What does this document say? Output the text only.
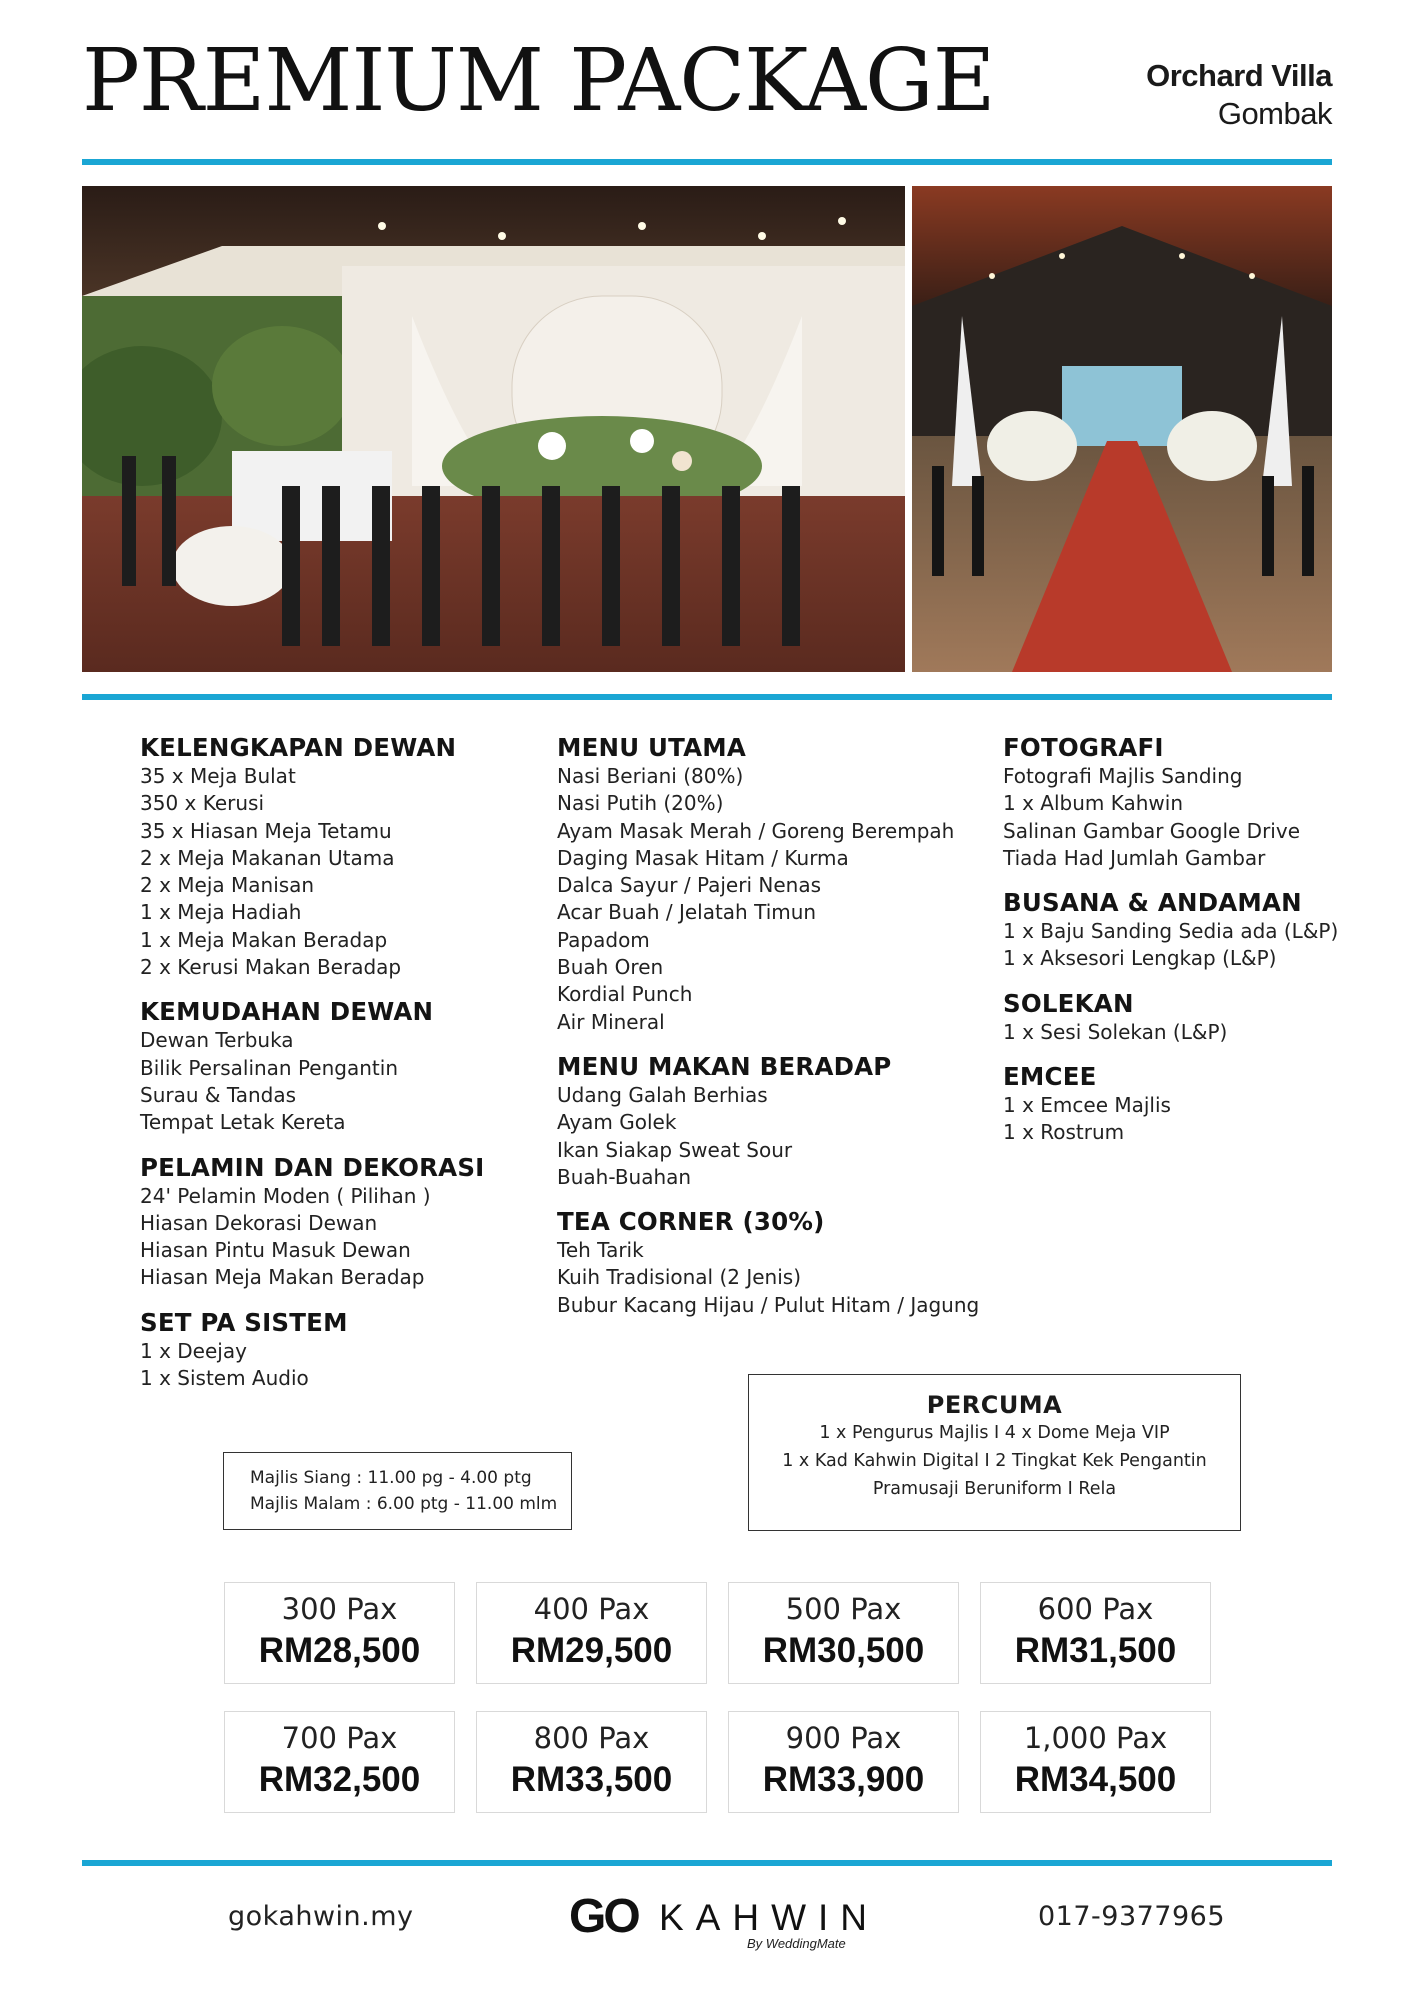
PREMIUM PACKAGE	Orchard Villa
Gombak
KELENGKAPAN DEWAN
35 x Meja Bulat
350 x Kerusi
35 x Hiasan Meja Tetamu
2 x Meja Makanan Utama
2 x Meja Manisan
1 x Meja Hadiah
1 x Meja Makan Beradap
2 x Kerusi Makan Beradap
KEMUDAHAN DEWAN
Dewan Terbuka
Bilik Persalinan Pengantin
Surau & Tandas
Tempat Letak Kereta
PELAMIN DAN DEKORASI
24' Pelamin Moden ( Pilihan )
Hiasan Dekorasi Dewan
Hiasan Pintu Masuk Dewan
Hiasan Meja Makan Beradap
SET PA SISTEM
1 x Deejay
1 x Sistem Audio
MENU UTAMA
Nasi Beriani (80%)
Nasi Putih (20%)
Ayam Masak Merah / Goreng Berempah
Daging Masak Hitam / Kurma
Dalca Sayur / Pajeri Nenas
Acar Buah / Jelatah Timun
Papadom
Buah Oren
Kordial Punch
Air Mineral
MENU MAKAN BERADAP
Udang Galah Berhias
Ayam Golek
Ikan Siakap Sweat Sour
Buah-Buahan
TEA CORNER (30%)
Teh Tarik
Kuih Tradisional (2 Jenis)
Bubur Kacang Hijau / Pulut Hitam / Jagung
FOTOGRAFI
Fotografi Majlis Sanding
1 x Album Kahwin
Salinan Gambar Google Drive
Tiada Had Jumlah Gambar
BUSANA & ANDAMAN
1 x Baju Sanding Sedia ada (L&P)
1 x Aksesori Lengkap (L&P)
SOLEKAN
1 x Sesi Solekan (L&P)
EMCEE
1 x Emcee Majlis
1 x Rostrum
Majlis Siang : 11.00 pg - 4.00 ptg
Majlis Malam : 6.00 ptg - 11.00 mlm
PERCUMA
1 x Pengurus Majlis I 4 x Dome Meja VIP
1 x Kad Kahwin Digital I 2 Tingkat Kek Pengantin
Pramusaji Beruniform I Rela
300 Pax
RM28,500
400 Pax
RM29,500
500 Pax
RM30,500
600 Pax
RM31,500
700 Pax
RM32,500
800 Pax
RM33,500
900 Pax
RM33,900
1,000 Pax
RM34,500
gokahwin.my	GO KAHWIN
By WeddingMate
017-9377965
